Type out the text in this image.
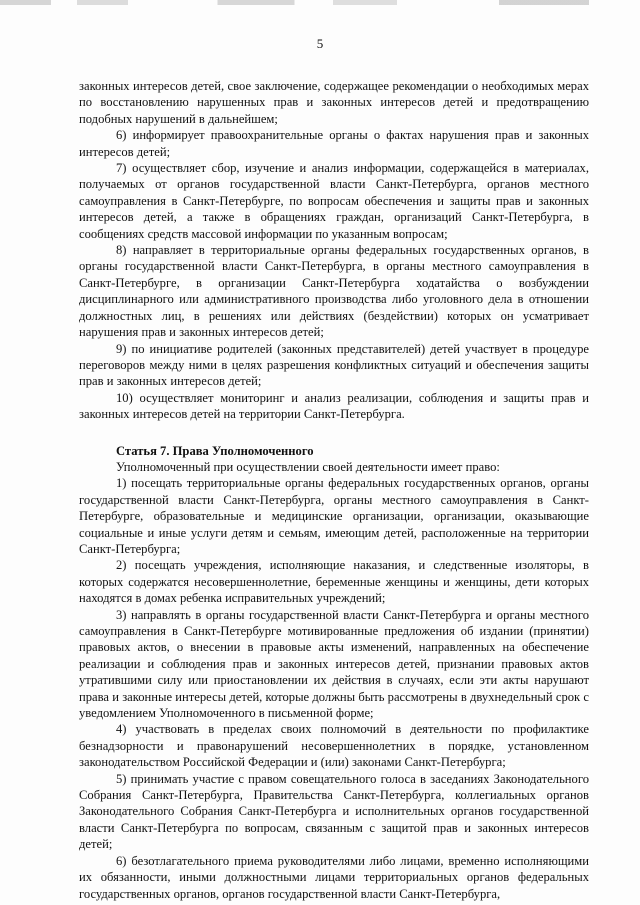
5

законных интересов детей, свое заключение, содержащее рекомендации о необходимых мерах по восстановлению нарушенных прав и законных интересов детей и предотвращению подобных нарушений в дальнейшем;

6) информирует правоохранительные органы о фактах нарушения прав и законных интересов детей;

7) осуществляет сбор, изучение и анализ информации, содержащейся в материалах, получаемых от органов государственной власти Санкт-Петербурга, органов местного самоуправления в Санкт-Петербурге, по вопросам обеспечения и защиты прав и законных интересов детей, а также в обращениях граждан, организаций Санкт-Петербурга, в сообщениях средств массовой информации по указанным вопросам;

8) направляет в территориальные органы федеральных государственных органов, в органы государственной власти Санкт-Петербурга, в органы местного самоуправления в Санкт-Петербурге, в организации Санкт-Петербурга ходатайства о возбуждении дисциплинарного или административного производства либо уголовного дела в отношении должностных лиц, в решениях или действиях (бездействии) которых он усматривает нарушения прав и законных интересов детей;

9) по инициативе родителей (законных представителей) детей участвует в процедуре переговоров между ними в целях разрешения конфликтных ситуаций и обеспечения защиты прав и законных интересов детей;

10) осуществляет мониторинг и анализ реализации, соблюдения и защиты прав и законных интересов детей на территории Санкт-Петербурга.

Статья 7. Права Уполномоченного

Уполномоченный при осуществлении своей деятельности имеет право:

1) посещать территориальные органы федеральных государственных органов, органы государственной власти Санкт-Петербурга, органы местного самоуправления в Санкт-Петербурге, образовательные и медицинские организации, организации, оказывающие социальные и иные услуги детям и семьям, имеющим детей, расположенные на территории Санкт-Петербурга;

2) посещать учреждения, исполняющие наказания, и следственные изоляторы, в которых содержатся несовершеннолетние, беременные женщины и женщины, дети которых находятся в домах ребенка исправительных учреждений;

3) направлять в органы государственной власти Санкт-Петербурга и органы местного самоуправления в Санкт-Петербурге мотивированные предложения об издании (принятии) правовых актов, о внесении в правовые акты изменений, направленных на обеспечение реализации и соблюдения прав и законных интересов детей, признании правовых актов утратившими силу или приостановлении их действия в случаях, если эти акты нарушают права и законные интересы детей, которые должны быть рассмотрены в двухнедельный срок с уведомлением Уполномоченного в письменной форме;

4) участвовать в пределах своих полномочий в деятельности по профилактике безнадзорности и правонарушений несовершеннолетних в порядке, установленном законодательством Российской Федерации и (или) законами Санкт-Петербурга;

5) принимать участие с правом совещательного голоса в заседаниях Законодательного Собрания Санкт-Петербурга, Правительства Санкт-Петербурга, коллегиальных органов Законодательного Собрания Санкт-Петербурга и исполнительных органов государственной власти Санкт-Петербурга по вопросам, связанным с защитой прав и законных интересов детей;

6) безотлагательного приема руководителями либо лицами, временно исполняющими их обязанности, иными должностными лицами территориальных органов федеральных государственных органов, органов государственной власти Санкт-Петербурга,
